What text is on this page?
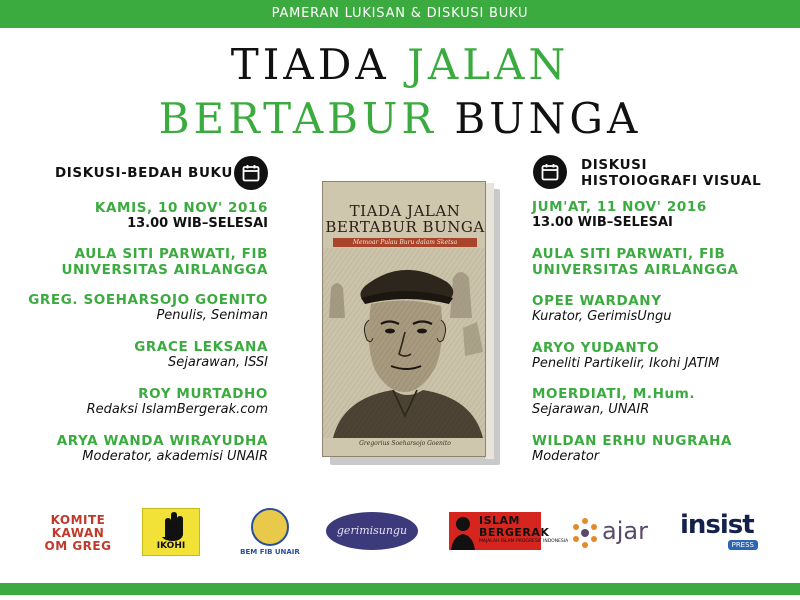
PAMERAN LUKISAN & DISKUSI BUKU
TIADA JALAN
BERTABUR BUNGA
DISKUSI-BEDAH BUKU	DISKUSI
HISTOIOGRAFI VISUAL
KAMIS, 10 NOV' 2016
13.00 WIB–SELESAI
AULA SITI PARWATI, FIB
UNIVERSITAS AIRLANGGA
GREG. SOEHARSOJO GOENITO
Penulis, Seniman
GRACE LEKSANA
Sejarawan, ISSI
ROY MURTADHO
Redaksi IslamBergerak.com
ARYA WANDA WIRAYUDHA
Moderator, akademisi UNAIR
JUM'AT, 11 NOV' 2016
13.00 WIB–SELESAI
AULA SITI PARWATI, FIB
UNIVERSITAS AIRLANGGA
OPEE WARDANY
Kurator, GerimisUngu
ARYO YUDANTO
Peneliti Partikelir, Ikohi JATIM
MOERDIATI, M.Hum.
Sejarawan, UNAIR
WILDAN ERHU NUGRAHA
Moderator
TIADA JALAN
BERTABUR BUNGA
Memoar Pulau Buru dalam Sketsa
Gregorius Soeharsojo Goenito
KOMITE
KAWAN
OM GREG	IKOHI
BEM FIB UNAIR
gerimisungu
ISLAM
BERGERAK
MAJALAH ISLAM PROGRESIF INDONESIA ajar insist
PRESS
